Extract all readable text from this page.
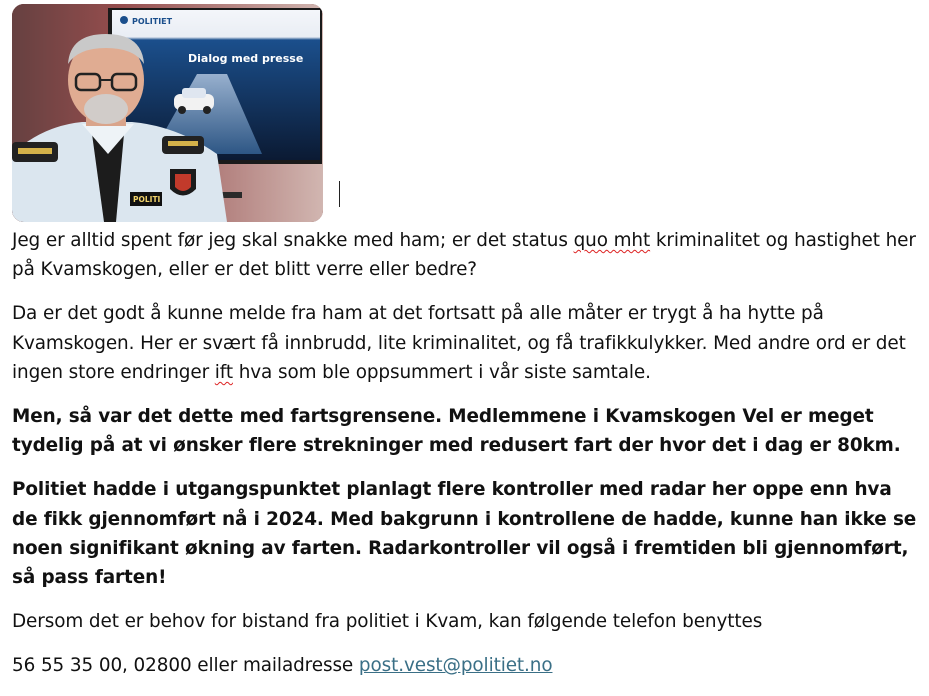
POLITIET
Dialog med presse
POLITI

Jeg er alltid spent før jeg skal snakke med ham; er det status quo mht kriminalitet og hastighet her på Kvamskogen, eller er det blitt verre eller bedre?

Da er det godt å kunne melde fra ham at det fortsatt på alle måter er trygt å ha hytte på Kvamskogen. Her er svært få innbrudd, lite kriminalitet, og få trafikkulykker. Med andre ord er det ingen store endringer ift hva som ble oppsummert i vår siste samtale.

Men, så var det dette med fartsgrensene. Medlemmene i Kvamskogen Vel er meget tydelig på at vi ønsker flere strekninger med redusert fart der hvor det i dag er 80km.

Politiet hadde i utgangspunktet planlagt flere kontroller med radar her oppe enn hva de fikk gjennomført nå i 2024. Med bakgrunn i kontrollene de hadde, kunne han ikke se noen signifikant økning av farten. Radarkontroller vil også i fremtiden bli gjennomført, så pass farten!

Dersom det er behov for bistand fra politiet i Kvam, kan følgende telefon benyttes

56 55 35 00, 02800 eller mailadresse post.vest@politiet.no
